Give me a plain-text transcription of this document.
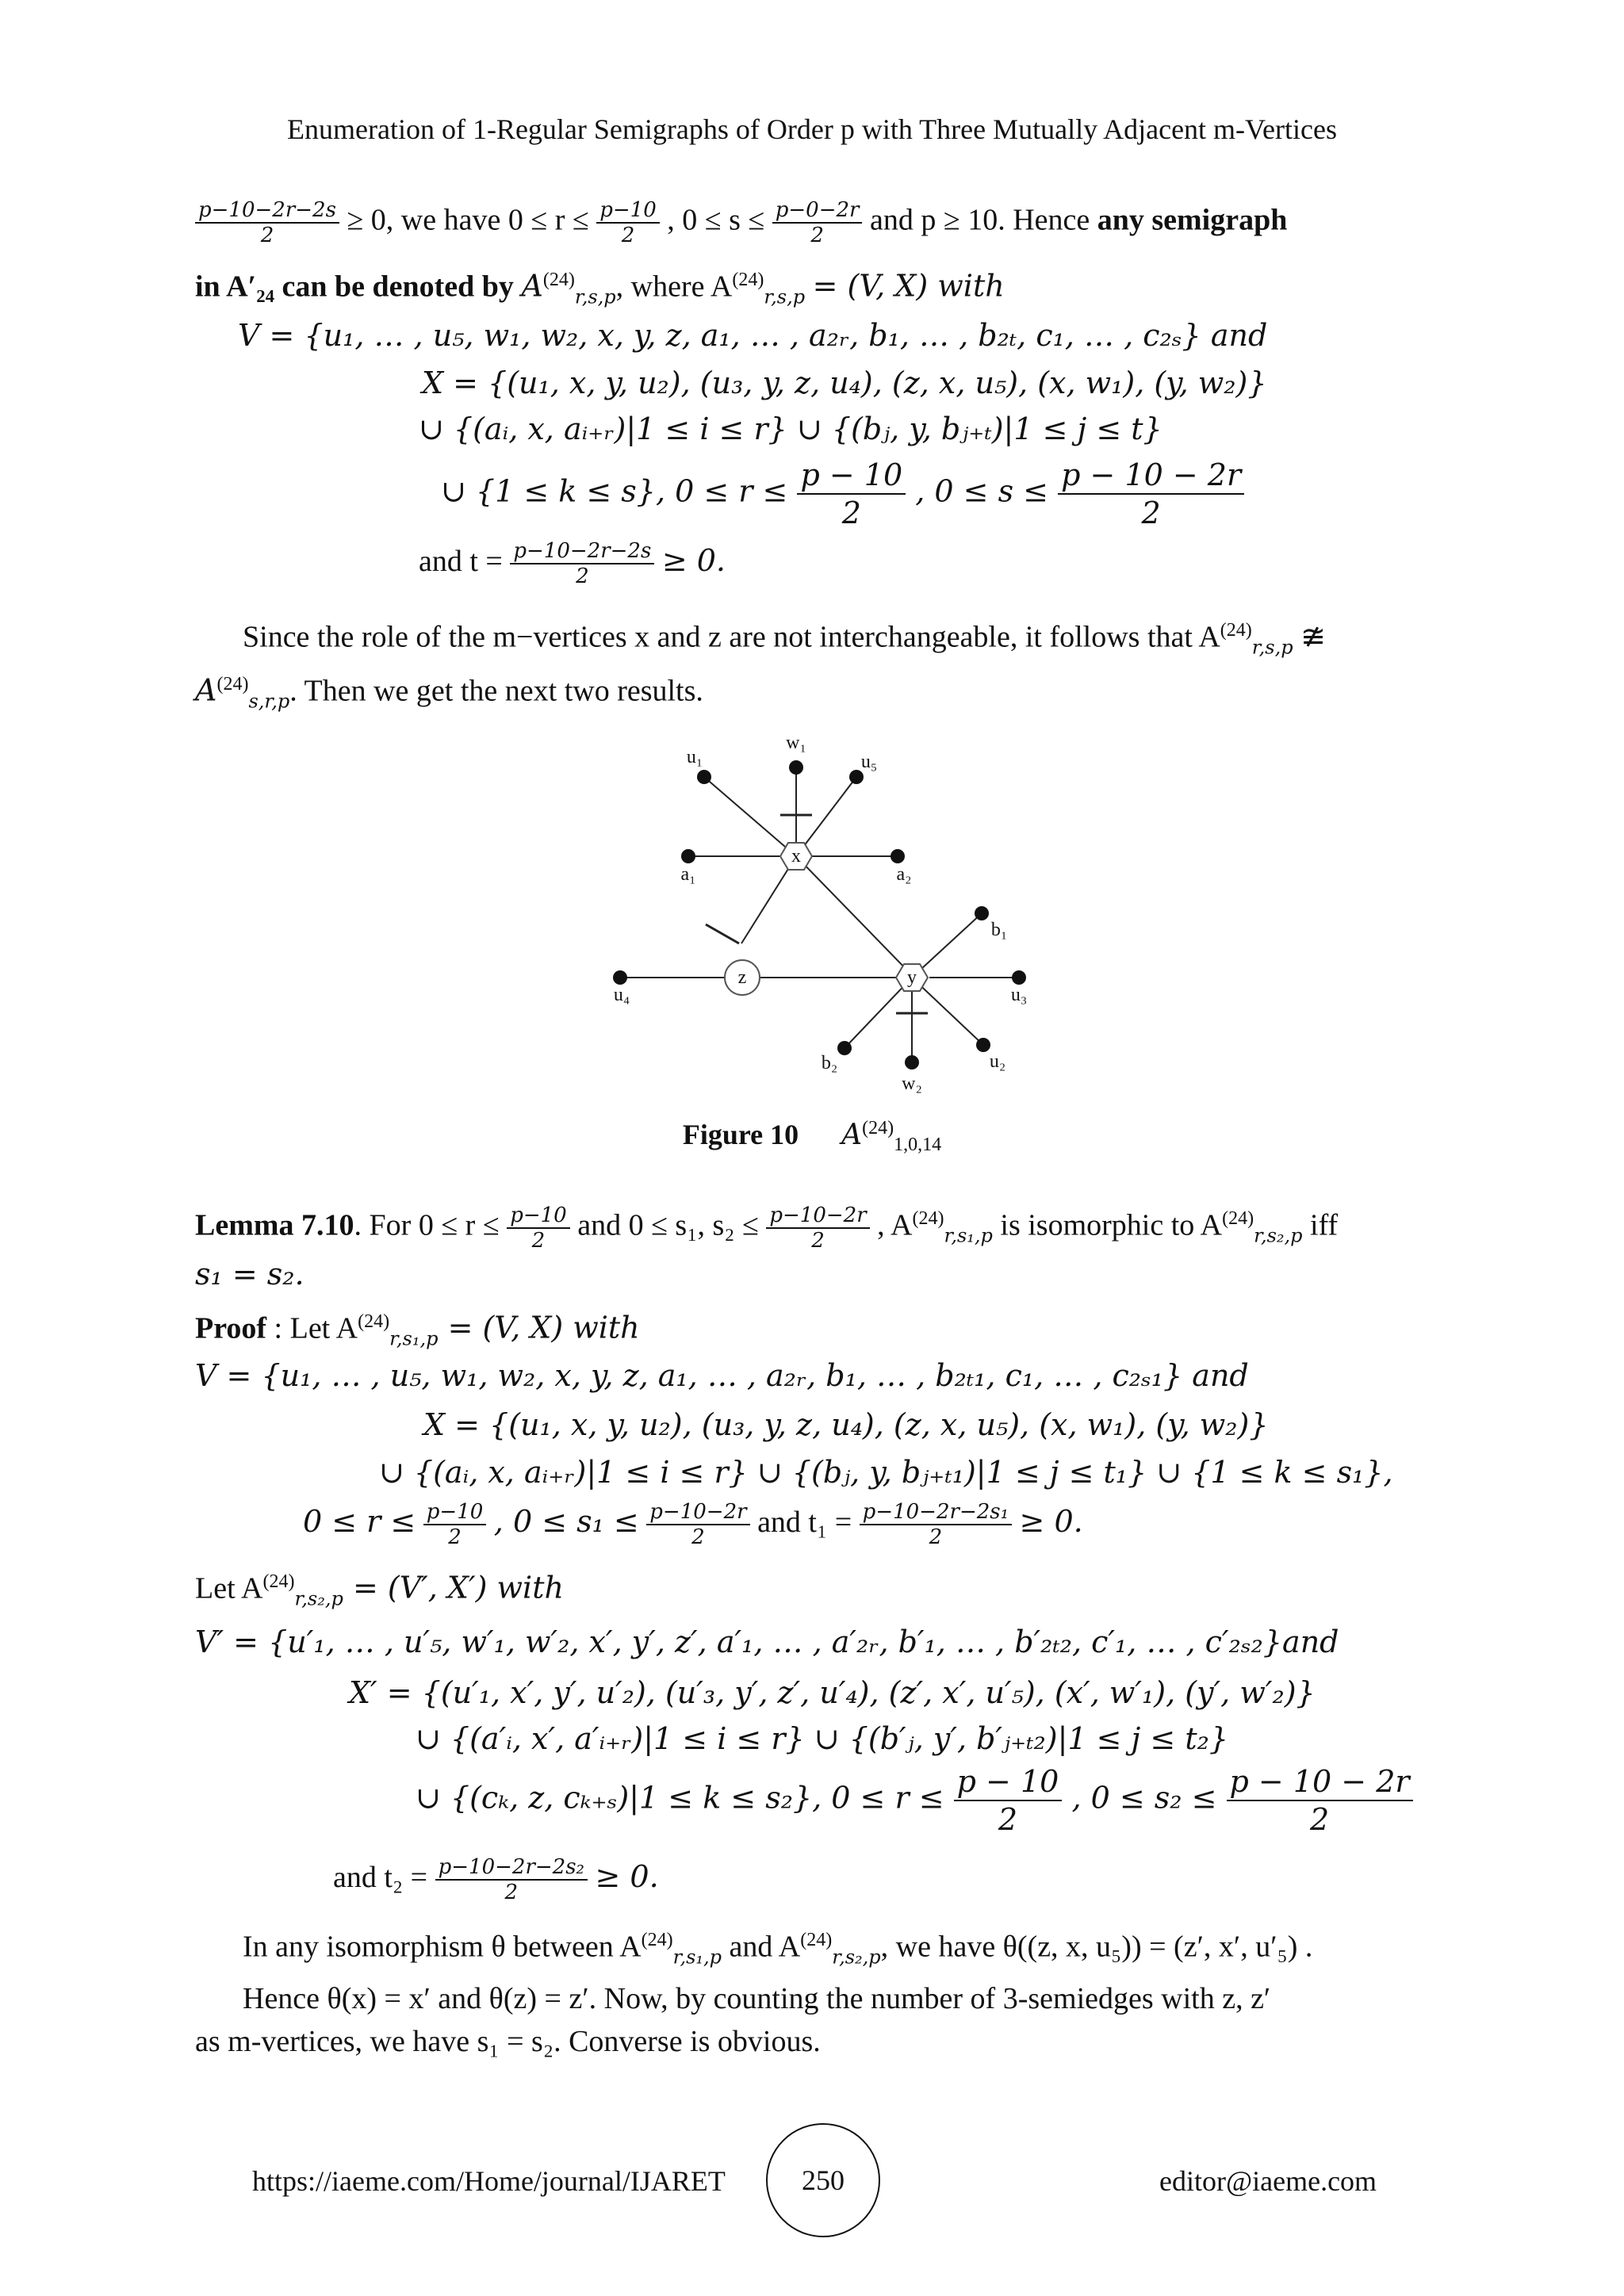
Enumeration of 1-Regular Semigraphs of Order p with Three Mutually Adjacent m-Vertices
$\frac{p-10-2r-2s}{2} \ge 0$, we have $0 \le r \le \frac{p-10}{2}$ , $0 \le s \le \frac{p-0-2r}{2}$ and p ≥ 10. Hence any semigraph
in A′₂₄ can be denoted by $A^{(24)}_{r,s,p}$, where $A^{(24)}_{r,s,p} = (V$, X) with
V = {u₁, … , u₅, w₁, w₂, x, y, z, a₁, … , a₂ᵣ, b₁, … , b₂ₜ, c₁, … , c₂ₛ} and
X = {(u₁, x, y, u₂), (u₃, y, z, u₄), (z, x, u₅), (x, w₁), (y, w₂)}
∪ {(aᵢ, x, aᵢ₊ᵣ)|1 ≤ i ≤ r} ∪ {(bⱼ, y, bⱼ₊ₜ)|1 ≤ j ≤ t}
∪ {1 ≤ k ≤ s}, $0 \le r \le \frac{p - 10}{2}$ , $0 \le s \le \frac{p - 10 - 2r}{2}$
and $t = \frac{p-10-2r-2s}{2} \ge 0$.
Since the role of the m−vertices x and z are not interchangeable, it follows that $A^{(24)}_{r,s,p}$ ≇
$A^{(24)}_{s,r,p}$. Then we get the next two results.
x
y
z
u₁
w₁
u₅
a₁	a₂
b₁
u₄	u₃
b₂	u₂
w₂
Figure 10 $A^{(24)}_{1,0,14}$
Lemma 7.10. For $0 \le r \le \frac{p-10}{2}$ and 0 ≤ s₁, $s_2 \le \frac{p-10-2r}{2}$ , $A^{(24)}_{r,s_1,p}$ is isomorphic to $A^{(24)}_{r,s_2,p}$ iff
s₁ = s₂.
Proof : Let $A^{(24)}_{r,s_1,p} = (V$, X) with
V = {u₁, … , u₅, w₁, w₂, x, y, z, a₁, … , a₂ᵣ, b₁, … , b₂ₜ₁, c₁, … , c₂ₛ₁} and
X = {(u₁, x, y, u₂), (u₃, y, z, u₄), (z, x, u₅), (x, w₁), (y, w₂)}
∪ {(aᵢ, x, aᵢ₊ᵣ)|1 ≤ i ≤ r} ∪ {(bⱼ, y, bⱼ₊ₜ₁)|1 ≤ j ≤ t₁} ∪ {1 ≤ k ≤ s₁},
$0 \le r \le \frac{p-10}{2}$ , $0 \le s_1 \le \frac{p-10-2r}{2}$ and $t_1 = \frac{\text{p−10−2r−2s₁}}{2} \ge 0$.
Let $A^{(24)}_{r,s_2,p} = (V'$, X′) with
V′ = {u′₁, … , u′₅, w′₁, w′₂, x′, y′, z′, a′₁, … , a′₂ᵣ, b′₁, … , b′₂ₜ₂, c′₁, … , c′₂ₛ₂}and
X′ = {(u′₁, x′, y′, u′₂), (u′₃, y′, z′, u′₄), (z′, x′, u′₅), (x′, w′₁), (y′, w′₂)}
∪ {(a′ᵢ, x′, a′ᵢ₊ᵣ)|1 ≤ i ≤ r} ∪ {(b′ⱼ, y′, b′ⱼ₊ₜ₂)|1 ≤ j ≤ t₂}
∪ {(cₖ, z, cₖ₊ₛ)|1 ≤ k ≤ s₂}, $0 \le r \le \frac{p - 10}{2}$ , $0 \le s_2 \le \frac{p - 10 - 2r}{2}$
and $t_2 = \frac{\text{p−10−2r−2s₂}}{2} \ge 0$.
In any isomorphism θ between $A^{(24)}_{r,s_1,p}$ and $A^{(24)}_{r,s_2,p}$, we have θ((z, x, u₅)) = (z′, x′, u′₅) .
Hence θ(x) = x′ and θ(z) = z′. Now, by counting the number of 3-semiedges with z, z′
as m-vertices, we have s₁ = s₂. Converse is obvious.
https://iaeme.com/Home/journal/IJARET	250	editor@iaeme.com
